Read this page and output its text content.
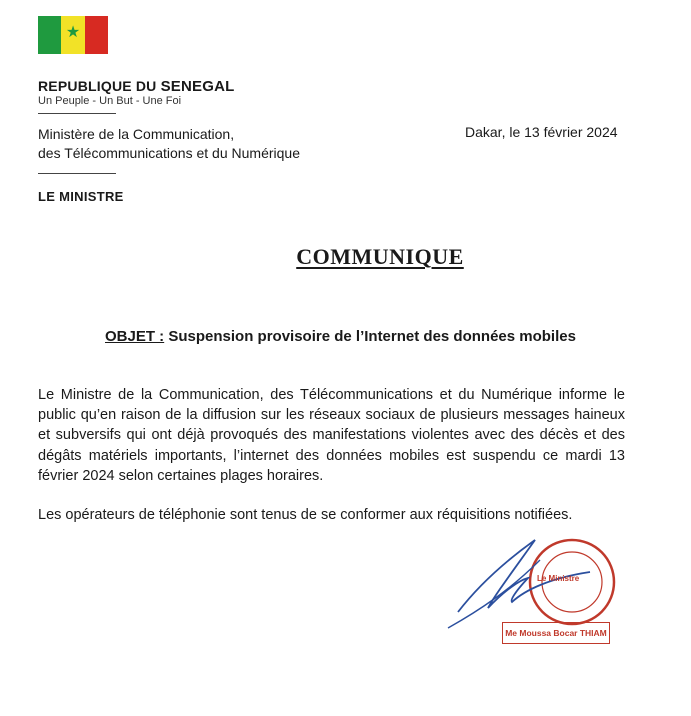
★
REPUBLIQUE DU SENEGAL
Un Peuple - Un But - Une Foi
Ministère de la Communication,
des Télécommunications et du Numérique
Dakar, le 13 février 2024
LE MINISTRE
COMMUNIQUE
OBJET : Suspension provisoire de l’Internet des données mobiles
Le Ministre de la Communication, des Télécommunications et du Numérique informe le public qu’en raison de la diffusion sur les réseaux sociaux de plusieurs messages haineux et subversifs qui ont déjà provoqués des manifestations violentes avec des décès et des dégâts matériels importants, l’internet des données mobiles est suspendu ce mardi 13 février 2024 selon certaines plages horaires.
Les opérateurs de téléphonie sont tenus de se conformer aux réquisitions notifiées.
Le Ministre
Me Moussa Bocar THIAM
